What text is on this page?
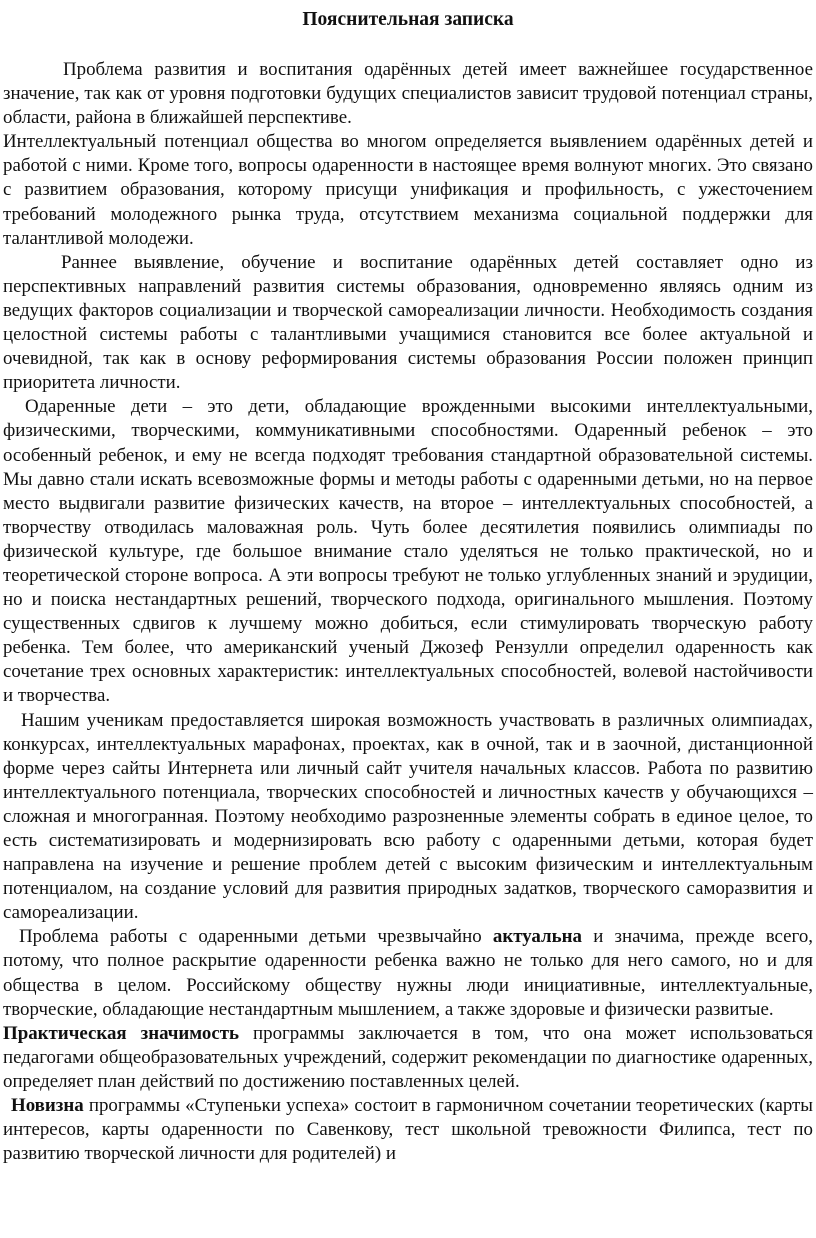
Пояснительная записка

Проблема развития и воспитания одарённых детей имеет важнейшее государственное значение, так как от уровня подготовки будущих специалистов зависит трудовой потенциал страны, области, района в ближайшей перспективе.

Интеллектуальный потенциал общества во многом определяется выявлением одарённых детей и работой с ними. Кроме того, вопросы одаренности в настоящее время волнуют многих. Это связано с развитием образования, которому присущи унификация и профильность, с ужесточением требований молодежного рынка труда, отсутствием механизма социальной поддержки для талантливой молодежи.

Раннее выявление, обучение и воспитание одарённых детей составляет одно из перспективных направлений развития системы образования, одновременно являясь одним из ведущих факторов социализации и творческой самореализации личности. Необходимость создания целостной системы работы с талантливыми учащимися становится все более актуальной и очевидной, так как в основу реформирования системы образования России положен принцип приоритета личности.

Одаренные дети – это дети, обладающие врожденными высокими интеллектуальными, физическими, творческими, коммуникативными способностями. Одаренный ребенок – это особенный ребенок, и ему не всегда подходят требования стандартной образовательной системы. Мы давно стали искать всевозможные формы и методы работы с одаренными детьми, но на первое место выдвигали развитие физических качеств, на второе – интеллектуальных способностей, а творчеству отводилась маловажная роль. Чуть более десятилетия появились олимпиады по физической культуре, где большое внимание стало уделяться не только практической, но и теоретической стороне вопроса. А эти вопросы требуют не только углубленных знаний и эрудиции, но и поиска нестандартных решений, творческого подхода, оригинального мышления. Поэтому существенных сдвигов к лучшему можно добиться, если стимулировать творческую работу ребенка. Тем более, что американский ученый Джозеф Рензулли определил одаренность как сочетание трех основных характеристик: интеллектуальных способностей, волевой настойчивости и творчества.

Нашим ученикам предоставляется широкая возможность участвовать в различных олимпиадах, конкурсах, интеллектуальных марафонах, проектах, как в очной, так и в заочной, дистанционной форме через сайты Интернета или личный сайт учителя начальных классов. Работа по развитию интеллектуального потенциала, творческих способностей и личностных качеств у обучающихся – сложная и многогранная. Поэтому необходимо разрозненные элементы собрать в единое целое, то есть систематизировать и модернизировать всю работу с одаренными детьми, которая будет направлена на изучение и решение проблем детей с высоким физическим и интеллектуальным потенциалом, на создание условий для развития природных задатков, творческого саморазвития и самореализации.

Проблема работы с одаренными детьми чрезвычайно актуальна и значима, прежде всего, потому, что полное раскрытие одаренности ребенка важно не только для него самого, но и для общества в целом. Российскому обществу нужны люди инициативные, интеллектуальные, творческие, обладающие нестандартным мышлением, а также здоровые и физически развитые.

Практическая значимость программы заключается в том, что она может использоваться педагогами общеобразовательных учреждений, содержит рекомендации по диагностике одаренных, определяет план действий по достижению поставленных целей.

Новизна программы «Ступеньки успеха» состоит в гармоничном сочетании теоретических (карты интересов, карты одаренности по Савенкову, тест школьной тревожности Филипса, тест по развитию творческой личности для родителей) и
